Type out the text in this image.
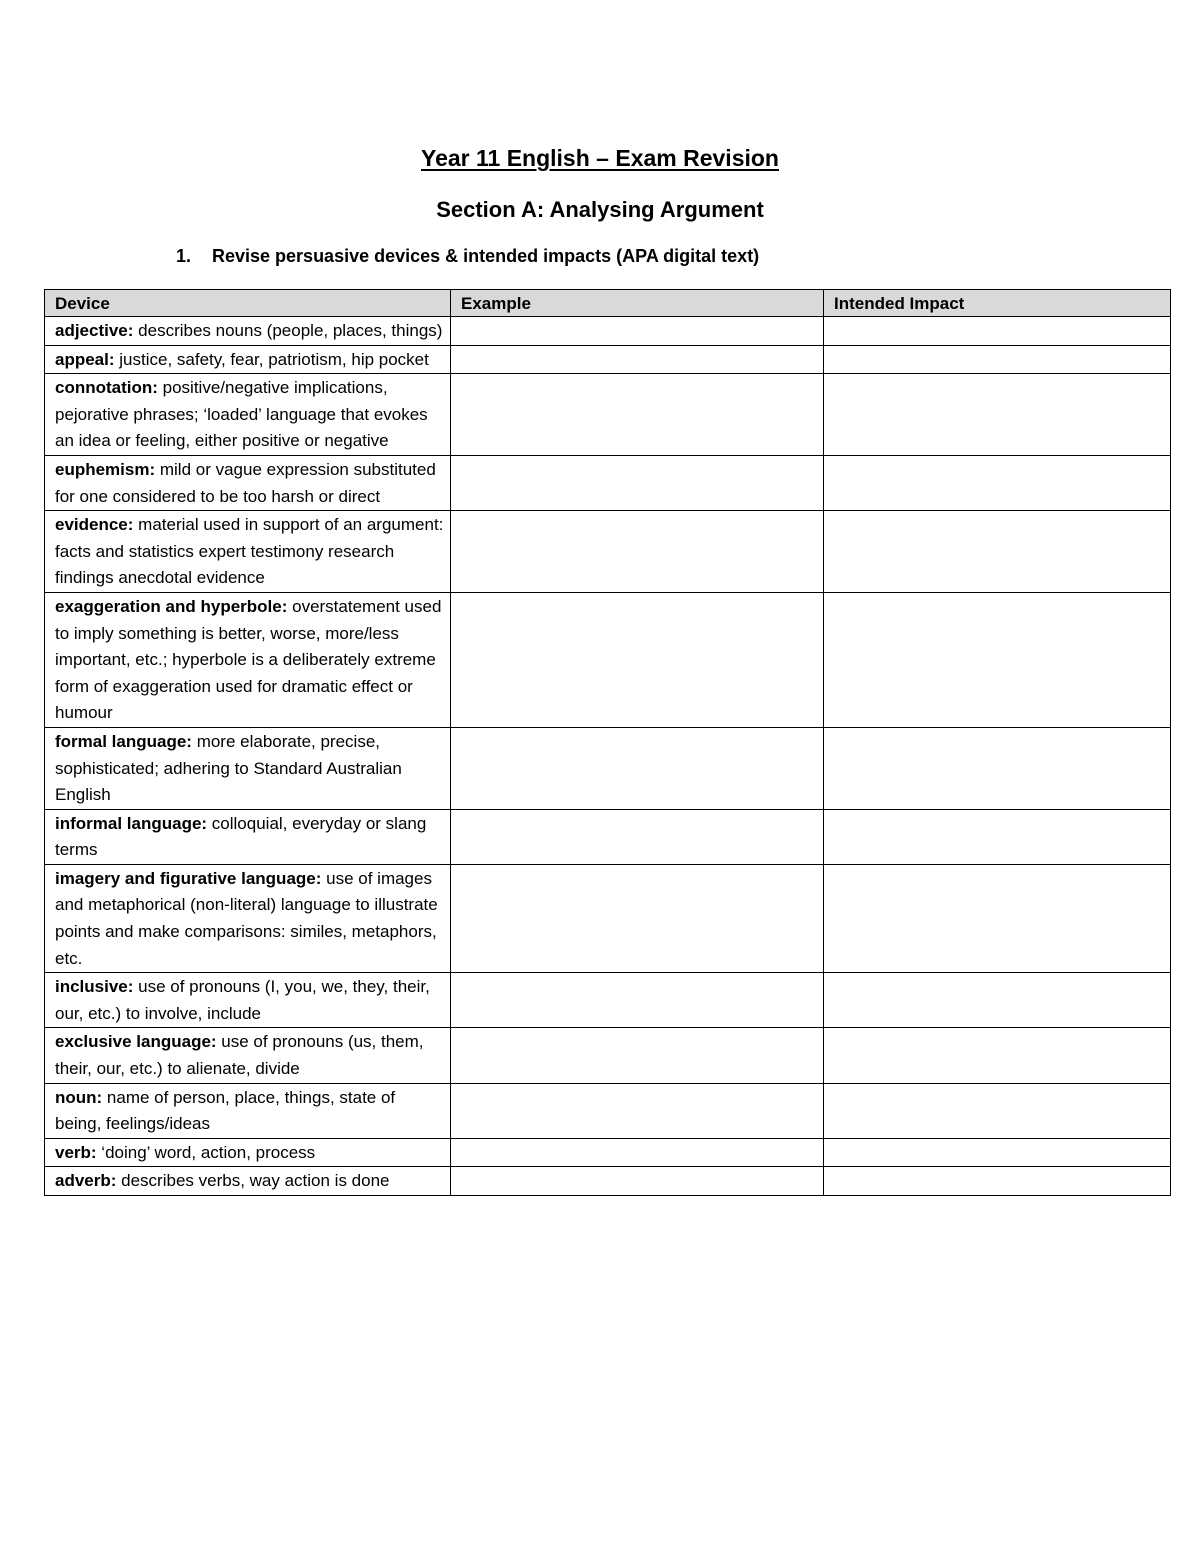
Year 11 English – Exam Revision
Section A: Analysing Argument

1. Revise persuasive devices & intended impacts (APA digital text)

Device	Example	Intended Impact
adjective: describes nouns (people, places, things)		
appeal: justice, safety, fear, patriotism, hip pocket		
connotation: positive/negative implications, pejorative phrases; ‘loaded’ language that evokes an idea or feeling, either positive or negative		
euphemism: mild or vague expression substituted for one considered to be too harsh or direct		
evidence: material used in support of an argument: facts and statistics expert testimony research findings anecdotal evidence		
exaggeration and hyperbole: overstatement used to imply something is better, worse, more/less important, etc.; hyperbole is a deliberately extreme form of exaggeration used for dramatic effect or humour		
formal language: more elaborate, precise, sophisticated; adhering to Standard Australian English		
informal language: colloquial, everyday or slang terms		
imagery and figurative language: use of images and metaphorical (non-literal) language to illustrate points and make comparisons: similes, metaphors, etc.		
inclusive: use of pronouns (I, you, we, they, their, our, etc.) to involve, include		
exclusive language: use of pronouns (us, them, their, our, etc.) to alienate, divide		
noun: name of person, place, things, state of being, feelings/ideas		
verb: ‘doing’ word, action, process		
adverb: describes verbs, way action is done		
